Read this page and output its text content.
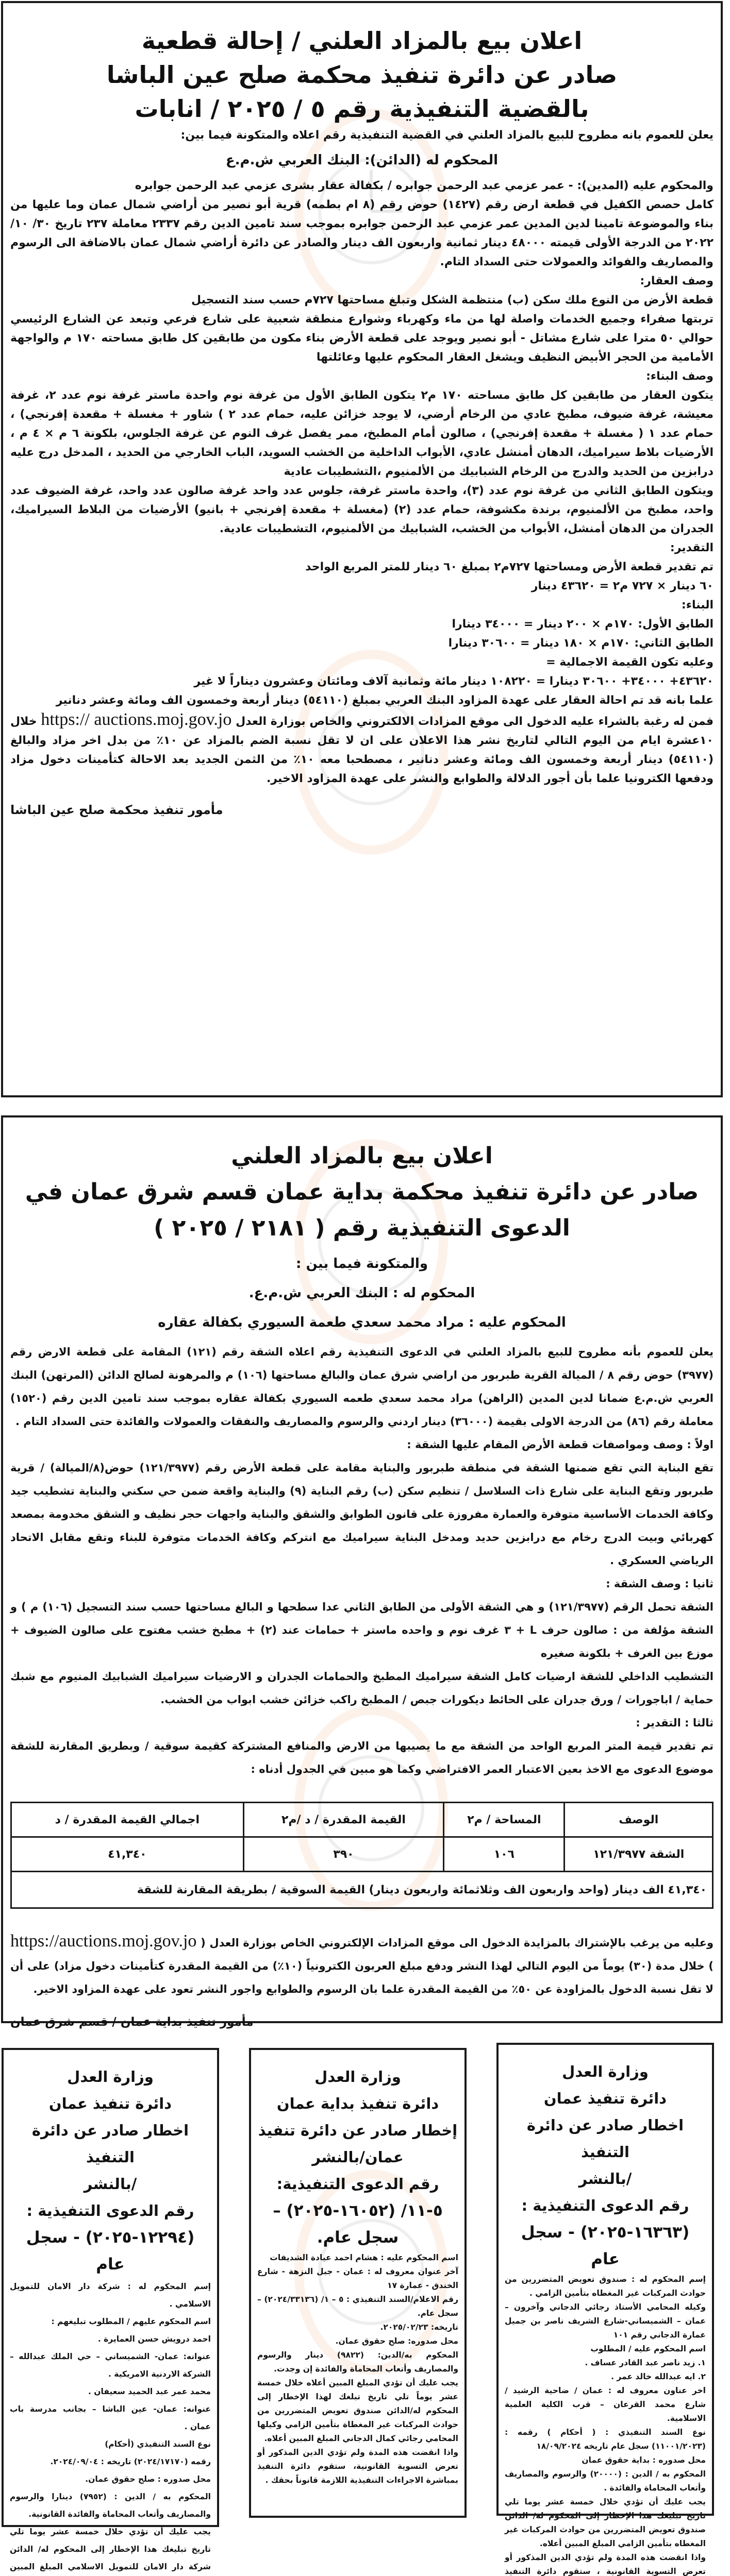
اعلان بيع بالمزاد العلني / إحالة قطعية
صادر عن دائرة تنفيذ محكمة صلح عين الباشا
بالقضية التنفيذية رقم ٥ / ٢٠٢٥ / انابات

يعلن للعموم بانه مطروح للبيع بالمزاد العلني في القضية التنفيذية رقم اعلاه والمتكونة فيما بين:

المحكوم له (الدائن): البنك العربي ش.م.ع

والمحكوم عليه (المدين): - عمر عزمي عبد الرحمن جوابره / بكفالة عقار بشرى عزمي عبد الرحمن جوابره

كامل حصص الكفيل في قطعة ارض رقم (١٤٢٧) حوض رقم (٨ ام بطمه) قرية أبو نصير من أراضي شمال عمان وما عليها من بناء والموضوعة تامينا لدين المدين عمر عزمي عبد الرحمن جوابره بموجب سند تامين الدين رقم ٢٣٣٧ معاملة ٢٣٧ تاريخ ٣٠/ ١٠/ ٢٠٢٢ من الدرجة الأولى قيمته ٤٨٠٠٠ دينار ثمانية واربعون الف دينار والصادر عن دائرة أراضي شمال عمان بالاضافة الى الرسوم والمصاريف والفوائد والعمولات حتى السداد التام.

وصف العقار:

قطعة الأرض من النوع ملك سكن (ب) منتظمة الشكل وتبلغ مساحتها ٧٢٧م حسب سند التسجيل

تربتها صفراء وجميع الخدمات واصلة لها من ماء وكهرباء وشوارع منطقة شعبية على شارع فرعي وتبعد عن الشارع الرئيسي حوالي ٥٠ مترا على شارع مشاتل - أبو نصير ويوجد على قطعة الأرض بناء مكون من طابقين كل طابق مساحته ١٧٠ م والواجهة الأمامية من الحجر الأبيض النظيف ويشغل العقار المحكوم عليها وعائلتها

وصف البناء:

يتكون العقار من طابقين كل طابق مساحته ١٧٠ م٢ يتكون الطابق الأول من غرفة نوم واحدة ماستر غرفة نوم عدد ٢، غرفة معيشة، غرفة ضيوف، مطبخ عادي من الرخام أرضي، لا يوجد خزائن عليه، حمام عدد ٢ ) شاور + مغسلة + مقعدة إفرنجي) ، حمام عدد ١ ( مغسلة + مقعدة إفرنجي) ، صالون أمام المطبخ، ممر يفصل غرف النوم عن غرفة الجلوس، بلكونة ٦ م × ٤ م ، الأرضيات بلاط سيراميك، الدهان أمنشل عادي، الأبواب الداخلية من الخشب السويد، الباب الخارجي من الحديد ، المدخل درج عليه درابزين من الحديد والدرج من الرخام الشبابيك من الألمنيوم ،التشطيبات عادية

ويتكون الطابق الثاني من غرفة نوم عدد (٣)، واحدة ماستر غرفة، جلوس عدد واحد غرفة صالون عدد واحد، غرفة الضيوف عدد واحد، مطبخ من الألمنيوم، برندة مكشوفة، حمام عدد (٢) (مغسلة + مقعدة إفرنجي + بانيو) الأرضيات من البلاط السيراميك، الجدران من الدهان أمنشل، الأبواب من الخشب، الشبابيك من الألمنيوم، التشطيبات عادية.

التقدير:

تم تقدير قطعة الأرض ومساحتها ٧٢٧م٢ بمبلغ ٦٠ دينار للمتر المربع الواحد

٦٠ دينار × ٧٢٧ م٢ = ٤٣٦٢٠ دينار

البناء:

الطابق الأول: ١٧٠م × ٢٠٠ دينار = ٣٤٠٠٠ دينارا

الطابق الثاني: ١٧٠م × ١٨٠ دينار = ٣٠٦٠٠ دينارا

وعليه تكون القيمة الاجمالية =

٤٣٦٢٠+ ٣٤٠٠٠+ ٣٠٦٠٠ دينارا = ١٠٨٢٢٠ دينار مائة وثمانية آلاف ومائتان وعشرون ديناراً لا غير

علما بانه قد تم احالة العقار على عهدة المزاود البنك العربي بمبلغ (٥٤١١٠) دينار أربعة وخمسون الف ومائة وعشر دنانير

فمن له رغبة بالشراء عليه الدخول الى موقع المزادات الالكتروني والخاص بوزارة العدل https:// auctions.moj.gov.jo خلال ١٠عشرة ايام من اليوم التالي لتاريخ نشر هذا الاعلان على ان لا تقل نسبة الضم بالمزاد عن ١٠٪ من بدل اخر مزاد والبالغ (٥٤١١٠) دينار أربعة وخمسون الف ومائة وعشر دنانير ، مصطحبا معه ١٠٪ من الثمن الجديد بعد الاحالة كتأمينات دخول مزاد ودفعها الكترونيا علما بأن أجور الدلالة والطوابع والنشر على عهدة المزاود الاخير.

مأمور تنفيذ محكمة صلح عين الباشا
اعلان بيع بالمزاد العلني
صادر عن دائرة تنفيذ محكمة بداية عمان قسم شرق عمان في الدعوى التنفيذية رقم ( ٢١٨١ / ٢٠٢٥ )

والمتكونة فيما بين :

المحكوم له : البنك العربي ش.م.ع.

المحكوم عليه : مراد محمد سعدي طعمة السيوري بكفالة عقاره

يعلن للعموم بأنه مطروح للبيع بالمزاد العلني في الدعوى التنفيذية رقم اعلاه الشقة رقم (١٢١) المقامة على قطعة الارض رقم (٣٩٧٧) حوض رقم ٨ / الميالة القرية طبربور من اراضي شرق عمان والبالغ مساحتها (١٠٦) م والمرهونة لصالح الدائن (المرتهن) البنك العربي ش.م.ع ضمانا لدين المدين (الراهن) مراد محمد سعدي طعمه السيوري بكفالة عقاره بموجب سند تامين الدين رقم (١٥٢٠) معاملة رقم (٨٦) من الدرجة الاولى بقيمة (٣٦٠٠٠) دينار اردني والرسوم والمصاريف والنفقات والعمولات والفائدة حتى السداد التام .

اولاً : وصف ومواصفات قطعة الأرض المقام عليها الشقة :

تقع البناية التي تقع ضمنها الشقة في منطقة طبربور والبناية مقامة على قطعة الأرض رقم (١٢١/٣٩٧٧) حوض(٨/الميالة) / قرية طبربور وتقع البناية على شارع ذات السلاسل / تنظيم سكن (ب) رقم البناية (٩) والبناية واقعة ضمن حي سكني والبناية تشطيب جيد وكافة الخدمات الأساسية متوفرة والعمارة مفروزة على قانون الطوابق والشقق والبناية واجهات حجر نظيف و الشقق مخدومة بمصعد كهربائي وبيت الدرج رخام مع درابزين حديد ومدخل البناية سيراميك مع انتركم وكافة الخدمات متوفرة للبناء وتقع مقابل الاتحاد الرياضي العسكري .

ثانيا : وصف الشقة :

الشقة تحمل الرقم (١٢١/٣٩٧٧) و هي الشقة الأولى من الطابق الثاني عدا سطحها و البالغ مساحتها حسب سند التسجيل (١٠٦) م ) و الشقة مؤلفة من : صالون حرف L + ٣ غرف نوم و واحده ماستر + حمامات عند (٢) + مطبخ خشب مفتوح على صالون الضيوف + موزع بين الغرف + بلكونة صغيره

التشطيب الداخلي للشقة ارضيات كامل الشقة سيراميك المطبخ والحمامات الجدران و الارضيات سيراميك الشبابيك المنيوم مع شبك حماية / اباجورات / ورق جدران على الحائط ديكورات جبص / المطبخ راكب خزائن خشب ابواب من الخشب.

ثالثا : التقدير :

تم تقدير قيمة المتر المربع الواحد من الشقة مع ما يصيبها من الارض والمنافع المشتركة كقيمة سوقية / وبطريق المقارنة للشقة موضوع الدعوى مع الاخذ بعين الاعتبار العمر الافتراضي وكما هو مبين في الجدول أدناه :

الوصف	المساحة / م٢	القيمة المقدرة / د /م٢	اجمالي القيمة المقدرة / د
الشقة ١٢١/٣٩٧٧	١٠٦	٣٩٠	٤١,٣٤٠
٤١,٣٤٠ الف دينار (واحد واربعون الف وثلاثمائة واربعون دينار) القيمة السوقية / بطريقة المقارنة للشقة			

وعليه من يرغب بالإشتراك بالمزايدة الدخول الى موقع المزادات الإلكتروني الخاص بوزارة العدل ( https://auctions.moj.gov.jo ) خلال مدة (٣٠) يوماً من اليوم التالي لهذا النشر ودفع مبلغ العربون الكترونياً (١٠٪) من القيمة المقدرة كتأمينات دخول مزاد) على أن لا تقل نسبة الدخول بالمزاودة عن ٥٠٪ من القيمة المقدرة علما بان الرسوم والطوابع واجور النشر تعود على عهدة المزاود الاخير.

مأمور تنفيذ بداية عمان / قسم شرق عمان
وزارة العدل
دائرة تنفيذ عمان
اخطار صادر عن دائرة التنفيذ
/بالنشر
رقم الدعوى التنفيذية :
(١٦٣٦٣-٢٠٢٥) - سجل عام

إسم المحكوم له : صندوق تعويض المتضررين من حوادث المركبات غير المغطاه بتأمين الزامي .

وكيله المحامي الأستاذ رجائي الدجاني وآخرون – عمان – الشميساني-شارع الشريف ناصر بن جميل عمارة الدجاني رقم ١٠١

اسم المحكوم عليه / المطلوب

١. زيد ناصر عبد القادر عساف .

٢. ايه عبدالله خالد عمر .

اخر عناون معروف له : عمان / ضاحية الرشيد / شارع محمد القرعان – قرب الكلية العلمية الاسلامية.

نوع السند التنفيذي : ( أحكام ) رقمه : (١١٠٠١/٢٠٢٣) سجل عام تاريخه ١٨/٠٩/٢٠٢٤

محل صدوره : بداية حقوق عمان

المحكوم به / الدين : (٢٠٠٠٠) والرسوم والمصاريف وأتعاب المحاماة والفائدة .

يجب عليك أن تؤدي خلال خمسة عشر يوما تلي تاريخ تبليغك هذا الإخطار إلى المحكوم له/ الدائن صندوق تعويض المتضررين من حوادث المركبات غير المغطاه بتأمين الزامي المبلغ المبين أعلاه.

واذا انقضت هذه المدة ولم تؤدي الدين المذكور أو تعرض التسوية القانونية ، ستقوم دائرة التنفيذ

وزارة العدل
دائرة تنفيذ بداية عمان
إخطار صادر عن دائرة تنفيذ
عمان/بالنشر
رقم الدعوى التنفيذية:
٥-١١/ (١٦٠٥٢-٢٠٢٥) – سجل عام.

اسم المحكوم عليه : هشام احمد عيادة الشديفات

آخر عنوان معروف له : عمان - جبل النزهة - شارع الخندق - عمارة ١٧

رقم الاعلام/السند التنفيذي : ٥ – ١/ (٢٠٢٤/٣٣١٣٦) – سجل عام.

تاريخه: ٢٠٢٥/٠٢/٢٣.

محل صدوره: صلح حقوق عمان.

المحكوم به/الدين: (٩٨٢٢) دينار والرسوم والمصاريف وأتعاب المحاماة والفائدة إن وجدت.

يجب عليك أن تؤدي المبلغ المبين أعلاه خلال خمسة عشر يوماً تلي تاريخ تبلغك لهذا الإخطار إلى المحكوم له/الدائن صندوق تعويض المتضررين من حوادث المركبات غير المغطاة بتأمين الزامي وكيلها المحامي رجائي كمال الدجاني المبلغ المبين أعلاه.

واذا انقضت هذه المدة ولم تؤدي الدين المذكور أو تعرض التسوية القانونية، ستقوم دائرة التنفيذ بمباشرة الاجراءات التنفيذية اللازمة قانوناً بحقك .

وزارة العدل
دائرة تنفيذ عمان
اخطار صادر عن دائرة التنفيذ
/بالنشر
رقم الدعوى التنفيذية :
(١٢٢٩٤-٢٠٢٥) - سجل عام

إسم المحكوم له : شركة دار الامان للتمويل الاسلامي .

اسم المحكوم عليهم / المطلوب تبليغهم :

احمد درويش حسن العمايرة .

عنوانه: عمان- الشميساني – حي الملك عبدالله – الشركة الاردنية الامريكية .

محمد عمر عبد الحميد سعيفان .

عنوانه: عمان- عين الباشا – بجانب مدرسة باب عمان .

نوع السند التنفيذي (أحكام)

رقمه (٢٠٢٤/١٧١٧٠) تاريخه : ٢٠٢٤/٠٩/٠٤.

محل صدوره : صلح حقوق عمان.

المحكوم به / الدين : (٧٩٥٢) دينارا والرسوم والمصاريف وأتعاب المحاماة والفائدة القانونية.

يجب عليك أن تؤدي خلال خمسة عشر يوما تلي تاريخ تبليغك هذا الإخطار إلى المحكوم له/ الدائن شركة دار الامان للتمويل الاسلامي المبلغ المبين
